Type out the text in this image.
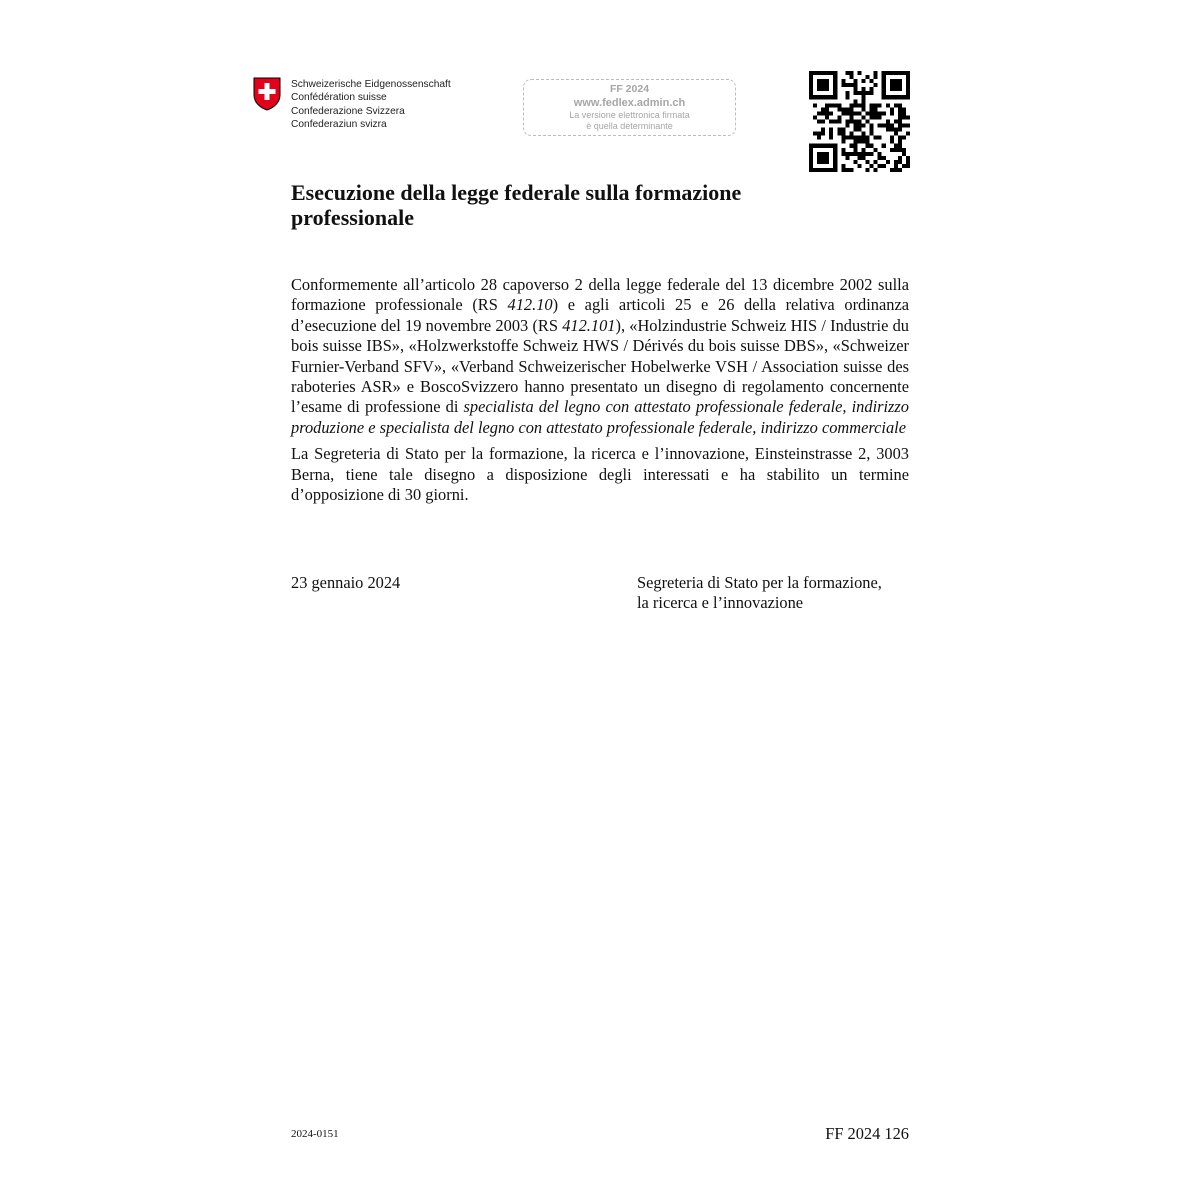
Schweizerische Eidgenossenschaft
Confédération suisse
Confederazione Svizzera
Confederaziun svizra
FF 2024
www.fedlex.admin.ch
La versione elettronica firmata
è quella determinante
Esecuzione della legge federale sulla formazione professionale

Conformemente all’articolo 28 capoverso 2 della legge federale del 13 dicembre 2002 sulla formazione professionale (RS 412.10) e agli articoli 25 e 26 della relativa ordinanza d’esecuzione del 19 novembre 2003 (RS 412.101), «Holzindustrie Schweiz HIS / Industrie du bois suisse IBS», «Holzwerkstoffe Schweiz HWS / Dérivés du bois suisse DBS», «Schweizer Furnier-Verband SFV», «Verband Schweizerischer Hobelwerke VSH / Association suisse des raboteries ASR» e BoscoSvizzero hanno presentato un disegno di regolamento concernente l’esame di professione di specialista del legno con attestato professionale federale, indirizzo produzione e specialista del legno con attestato professionale federale, indirizzo commerciale

La Segreteria di Stato per la formazione, la ricerca e l’innovazione, Einsteinstrasse 2, 3003 Berna, tiene tale disegno a disposizione degli interessati e ha stabilito un termine d’opposizione di 30 giorni.

23 gennaio 2024	Segreteria di Stato per la formazione,
la ricerca e l’innovazione
2024-0151	FF 2024 126
